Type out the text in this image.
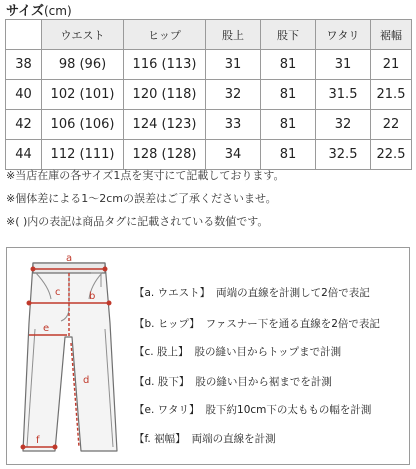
サイズ(cm)
	ウエスト	ヒップ	股上	股下	ワタリ	裾幅
38	98 (96)	116 (113)	31	81	31	21
40	102 (101)	120 (118)	32	81	31.5	21.5
42	106 (106)	124 (123)	33	81	32	22
44	112 (111)	128 (128)	34	81	32.5	22.5
※当店在庫の各サイズ1点を実寸にて記載しております。
※個体差による1〜2cmの誤差はご了承くださいませ。
※( )内の表記は商品タグに記載されている数値です。
a
b
c
d
e
f
【a. ウエスト】 両端の直線を計測して2倍で表記
【b. ヒップ】 ファスナー下を通る直線を2倍で表記
【c. 股上】 股の縫い目からトップまで計測
【d. 股下】 股の縫い目から裾までを計測
【e. ワタリ】 股下約10cm下の太ももの幅を計測
【f. 裾幅】 両端の直線を計測
